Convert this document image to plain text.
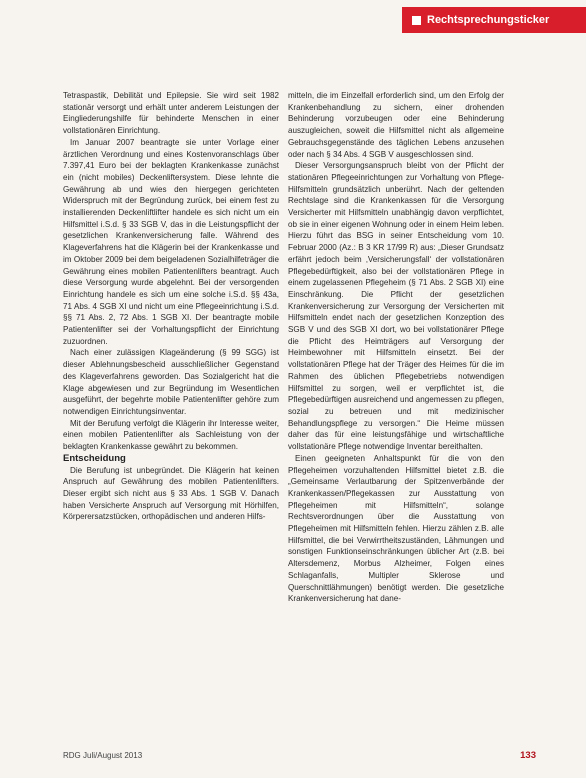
Rechtsprechungsticker

Tetraspastik, Debilität und Epilepsie. Sie wird seit 1982 stationär versorgt und erhält unter anderem Leistungen der Eingliederungshilfe für behinderte Menschen in einer vollstationären Einrichtung.

Im Januar 2007 beantragte sie unter Vorlage einer ärztlichen Verordnung und eines Kostenvoranschlags über 7.397,41 Euro bei der beklagten Krankenkasse zunächst ein (nicht mobiles) Deckenliftersystem. Diese lehnte die Gewährung ab und wies den hiergegen gerichteten Widerspruch mit der Begründung zurück, bei einem fest zu installierenden Deckenliftlifter handele es sich nicht um ein Hilfsmittel i.S.d. § 33 SGB V, das in die Leistungspflicht der gesetzlichen Krankenversicherung falle. Während des Klageverfahrens hat die Klägerin bei der Krankenkasse und im Oktober 2009 bei dem beigeladenen Sozialhilfeträger die Gewährung eines mobilen Patientenlifters beantragt. Auch diese Versorgung wurde abgelehnt. Bei der versorgenden Einrichtung handele es sich um eine solche i.S.d. §§ 43a, 71 Abs. 4 SGB XI und nicht um eine Pflegeeinrichtung i.S.d. §§ 71 Abs. 2, 72 Abs. 1 SGB XI. Der beantragte mobile Patientenlifter sei der Vorhaltungspflicht der Einrichtung zuzuordnen.

Nach einer zulässigen Klageänderung (§ 99 SGG) ist dieser Ablehnungsbescheid ausschließlicher Gegenstand des Klageverfahrens geworden. Das Sozialgericht hat die Klage abgewiesen und zur Begründung im Wesentlichen ausgeführt, der begehrte mobile Patientenlifter gehöre zum notwendigen Einrichtungsinventar.

Mit der Berufung verfolgt die Klägerin ihr Interesse weiter, einen mobilen Patientenlifter als Sachleistung von der beklagten Krankenkasse gewährt zu bekommen.

Entscheidung

Die Berufung ist unbegründet. Die Klägerin hat keinen Anspruch auf Gewährung des mobilen Patientenlifters. Dieser ergibt sich nicht aus § 33 Abs. 1 SGB V. Danach haben Versicherte Anspruch auf Versorgung mit Hörhilfen, Körperersatzstücken, orthopädischen und anderen Hilfs-

mitteln, die im Einzelfall erforderlich sind, um den Erfolg der Krankenbehandlung zu sichern, einer drohenden Behinderung vorzubeugen oder eine Behinderung auszugleichen, soweit die Hilfsmittel nicht als allgemeine Gebrauchsgegenstände des täglichen Lebens anzusehen oder nach § 34 Abs. 4 SGB V ausgeschlossen sind.

Dieser Versorgungsanspruch bleibt von der Pflicht der stationären Pflegeeinrichtungen zur Vorhaltung von Pflege-Hilfsmitteln grundsätzlich unberührt. Nach der geltenden Rechtslage sind die Krankenkassen für die Versorgung Versicherter mit Hilfsmitteln unabhängig davon verpflichtet, ob sie in einer eigenen Wohnung oder in einem Heim leben. Hierzu führt das BSG in seiner Entscheidung vom 10. Februar 2000 (Az.: B 3 KR 17/99 R) aus: „Dieser Grundsatz erfährt jedoch beim ‚Versicherungsfall‘ der vollstationären Pflegebedürftigkeit, also bei der vollstationären Pflege in einem zugelassenen Pflegeheim (§ 71 Abs. 2 SGB XI) eine Einschränkung. Die Pflicht der gesetzlichen Krankenversicherung zur Versorgung der Versicherten mit Hilfsmitteln endet nach der gesetzlichen Konzeption des SGB V und des SGB XI dort, wo bei vollstationärer Pflege die Pflicht des Heimträgers auf Versorgung der Heimbewohner mit Hilfsmitteln einsetzt. Bei der vollstationären Pflege hat der Träger des Heimes für die im Rahmen des üblichen Pflegebetriebs notwendigen Hilfsmittel zu sorgen, weil er verpflichtet ist, die Pflegebedürftigen ausreichend und angemessen zu pflegen, sozial zu betreuen und mit medizinischer Behandlungspflege zu versorgen.“ Die Heime müssen daher das für eine leistungsfähige und wirtschaftliche vollstationäre Pflege notwendige Inventar bereithalten.

Einen geeigneten Anhaltspunkt für die von den Pflegeheimen vorzuhaltenden Hilfsmittel bietet z.B. die „Gemeinsame Verlautbarung der Spitzenverbände der Krankenkassen/Pflegekassen zur Ausstattung von Pflegeheimen mit Hilfsmitteln“, solange Rechtsverordnungen über die Ausstattung von Pflegeheimen mit Hilfsmitteln fehlen. Hierzu zählen z.B. alle Hilfsmittel, die bei Verwirrtheitszuständen, Lähmungen und sonstigen Funktionseinschränkungen üblicher Art (z.B. bei Altersdemenz, Morbus Alzheimer, Folgen eines Schlaganfalls, Multipler Sklerose und Querschnittlähmungen) benötigt werden. Die gesetzliche Krankenversicherung hat dane-

RDG Juli/August 2013	133
